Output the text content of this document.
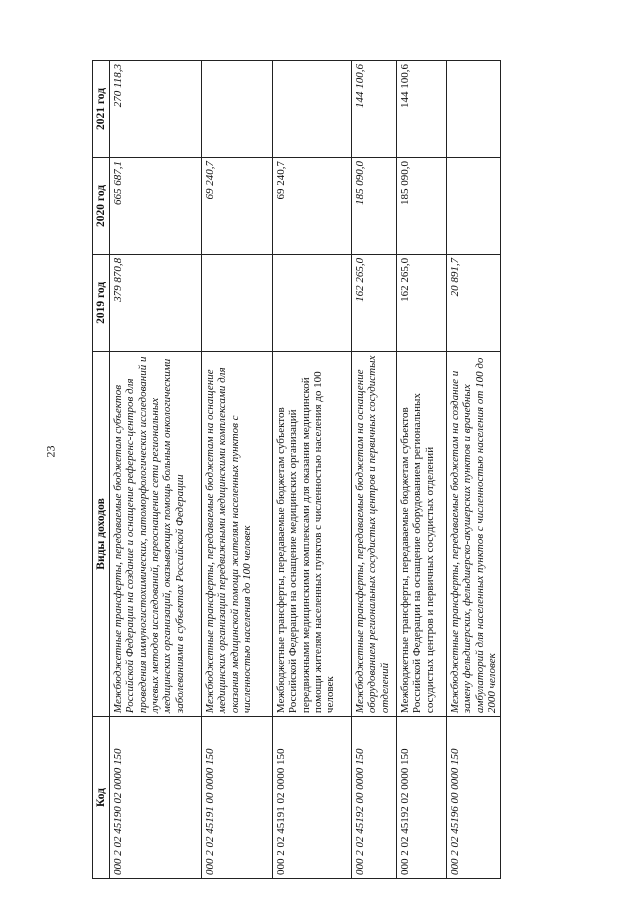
23
Код	Виды доходов	2019 год	2020 год	2021 год
000 2 02 45190 02 0000 150	Межбюджетные трансферты, передаваемые бюджетам субъектов Российской Федерации на создание и оснащение референс-центров для проведения иммуногистохимических, патоморфологических исследований и лучевых методов исследований, переоснащение сети региональных медицинских организаций, оказывающих помощь больным онкологическими заболеваниями в субъектах Российской Федерации	379 870,8	665 687,1	270 118,3
000 2 02 45191 00 0000 150	Межбюджетные трансферты, передаваемые бюджетам на оснащение медицинских организаций передвижными медицинскими комплексами для оказания медицинской помощи жителям населенных пунктов с численностью населения до 100 человек		69 240,7	
000 2 02 45191 02 0000 150	Межбюджетные трансферты, передаваемые бюджетам субъектов Российской Федерации на оснащение медицинских организаций передвижными медицинскими комплексами для оказания медицинской помощи жителям населенных пунктов с численностью населения до 100 человек		69 240,7	
000 2 02 45192 00 0000 150	Межбюджетные трансферты, передаваемые бюджетам на оснащение оборудованием региональных сосудистых центров и первичных сосудистых отделений	162 265,0	185 090,0	144 100,6
000 2 02 45192 02 0000 150	Межбюджетные трансферты, передаваемые бюджетам субъектов Российской Федерации на оснащение оборудованием региональных сосудистых центров и первичных сосудистых отделений	162 265,0	185 090,0	144 100,6
000 2 02 45196 00 0000 150	Межбюджетные трансферты, передаваемые бюджетам на создание и замену фельдшерских, фельдшерско-акушерских пунктов и врачебных амбулаторий для населенных пунктов с численностью населения от 100 до 2000 человек	20 891,7		
